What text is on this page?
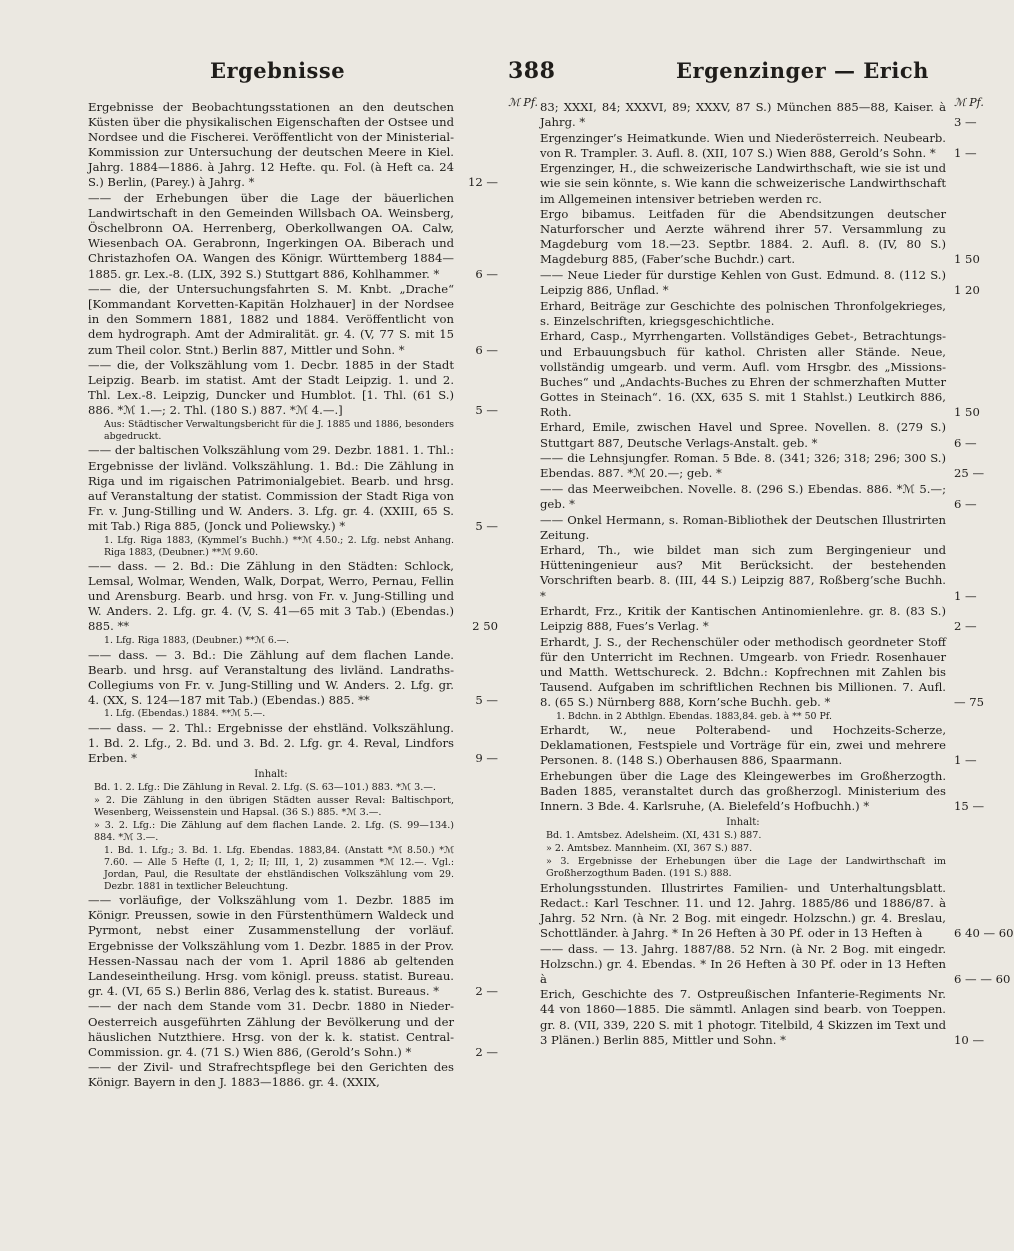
Ergebnisse	388	Ergenzinger — Erich
ℳ Pf.	ℳ Pf.
Ergebnisse der Beobachtungsstationen an den deutschen Küsten über die physikalischen Eigenschaften der Ostsee und Nordsee und die Fischerei. Veröffentlicht von der Ministerial-Kommission zur Untersuchung der deutschen Meere in Kiel. Jahrg. 1884—1886. à Jahrg. 12 Hefte. qu. Fol. (à Heft ca. 24 S.) Berlin, (Parey.) à Jahrg. *	12 —
—— der Erhebungen über die Lage der bäuerlichen Landwirtschaft in den Gemeinden Willsbach OA. Weinsberg, Öschelbronn OA. Herrenberg, Oberkollwangen OA. Calw, Wiesenbach OA. Gerabronn, Ingerkingen OA. Biberach und Christazhofen OA. Wangen des Königr. Württemberg 1884—1885. gr. Lex.-8. (LIX, 392 S.) Stuttgart 886, Kohlhammer. *	6 —
—— die, der Untersuchungsfahrten S. M. Knbt. „Drache“ [Kommandant Korvetten-Kapitän Holzhauer] in der Nordsee in den Sommern 1881, 1882 und 1884. Veröffentlicht von dem hydrograph. Amt der Admiralität. gr. 4. (V, 77 S. mit 15 zum Theil color. Stnt.) Berlin 887, Mittler und Sohn. *	6 —
—— die, der Volkszählung vom 1. Decbr. 1885 in der Stadt Leipzig. Bearb. im statist. Amt der Stadt Leipzig. 1. und 2. Thl. Lex.-8. Leipzig, Duncker und Humblot. [1. Thl. (61 S.) 886. *ℳ 1.—; 2. Thl. (180 S.) 887. *ℳ 4.—.]	5 —
Aus: Städtischer Verwaltungsbericht für die J. 1885 und 1886, besonders abgedruckt.
—— der baltischen Volkszählung vom 29. Dezbr. 1881. 1. Thl.: Ergebnisse der livländ. Volkszählung. 1. Bd.: Die Zählung in Riga und im rigaischen Patrimonialgebiet. Bearb. und hrsg. auf Veranstaltung der statist. Commission der Stadt Riga von Fr. v. Jung-Stilling und W. Anders. 3. Lfg. gr. 4. (XXIII, 65 S. mit Tab.) Riga 885, (Jonck und Poliewsky.) *	5 —
1. Lfg. Riga 1883, (Kymmel’s Buchh.) **ℳ 4.50.; 2. Lfg. nebst Anhang. Riga 1883, (Deubner.) **ℳ 9.60.
—— dass. — 2. Bd.: Die Zählung in den Städten: Schlock, Lemsal, Wolmar, Wenden, Walk, Dorpat, Werro, Pernau, Fellin und Arensburg. Bearb. und hrsg. von Fr. v. Jung-Stilling und W. Anders. 2. Lfg. gr. 4. (V, S. 41—65 mit 3 Tab.) (Ebendas.) 885. **	2 50
1. Lfg. Riga 1883, (Deubner.) **ℳ 6.—.
—— dass. — 3. Bd.: Die Zählung auf dem flachen Lande. Bearb. und hrsg. auf Veranstaltung des livländ. Landraths-Collegiums von Fr. v. Jung-Stilling und W. Anders. 2. Lfg. gr. 4. (XX, S. 124—187 mit Tab.) (Ebendas.) 885. **	5 —
1. Lfg. (Ebendas.) 1884. **ℳ 5.—.
—— dass. — 2. Thl.: Ergebnisse der ehstländ. Volkszählung. 1. Bd. 2. Lfg., 2. Bd. und 3. Bd. 2. Lfg. gr. 4. Reval, Lindfors Erben. *	9 —
Inhalt:
Bd. 1. 2. Lfg.: Die Zählung in Reval. 2. Lfg. (S. 63—101.) 883. *ℳ 3.—.
» 2. Die Zählung in den übrigen Städten ausser Reval: Baltischport, Wesenberg, Weissenstein und Hapsal. (36 S.) 885. *ℳ 3.—.
» 3. 2. Lfg.: Die Zählung auf dem flachen Lande. 2. Lfg. (S. 99—134.) 884. *ℳ 3.—.
1. Bd. 1. Lfg.; 3. Bd. 1. Lfg. Ebendas. 1883,84. (Anstatt *ℳ 8.50.) *ℳ 7.60. — Alle 5 Hefte (I, 1, 2; II; III, 1, 2) zusammen *ℳ 12.—. Vgl.: Jordan, Paul, die Resultate der ehstländischen Volkszählung vom 29. Dezbr. 1881 in textlicher Beleuchtung.
—— vorläufige, der Volkszählung vom 1. Dezbr. 1885 im Königr. Preussen, sowie in den Fürstenthümern Waldeck und Pyrmont, nebst einer Zusammenstellung der vorläuf. Ergebnisse der Volkszählung vom 1. Dezbr. 1885 in der Prov. Hessen-Nassau nach der vom 1. April 1886 ab geltenden Landeseintheilung. Hrsg. vom königl. preuss. statist. Bureau. gr. 4. (VI, 65 S.) Berlin 886, Verlag des k. statist. Bureaus. *	2 —
—— der nach dem Stande vom 31. Decbr. 1880 in Nieder-Oesterreich ausgeführten Zählung der Bevölkerung und der häuslichen Nutzthiere. Hrsg. von der k. k. statist. Central-Commission. gr. 4. (71 S.) Wien 886, (Gerold’s Sohn.) *	2 —
—— der Zivil- und Strafrechtspflege bei den Gerichten des Königr. Bayern in den J. 1883—1886. gr. 4. (XXIX,
83; XXXI, 84; XXXVI, 89; XXXV, 87 S.) München 885—88, Kaiser. à Jahrg. *	3 —
Ergenzinger’s Heimatkunde. Wien und Niederösterreich. Neubearb. von R. Trampler. 3. Aufl. 8. (XII, 107 S.) Wien 888, Gerold’s Sohn. * 1 —
Ergenzinger, H., die schweizerische Landwirthschaft, wie sie ist und wie sie sein könnte, s. Wie kann die schweizerische Landwirthschaft im Allgemeinen intensiver betrieben werden rc.
Ergo bibamus. Leitfaden für die Abendsitzungen deutscher Naturforscher und Aerzte während ihrer 57. Versammlung zu Magdeburg vom 18.—23. Septbr. 1884. 2. Aufl. 8. (IV, 80 S.) Magdeburg 885, (Faber’sche Buchdr.) cart.	1 50
—— Neue Lieder für durstige Kehlen von Gust. Edmund. 8. (112 S.) Leipzig 886, Unflad. *	1 20
Erhard, Beiträge zur Geschichte des polnischen Thronfolgekrieges, s. Einzelschriften, kriegsgeschichtliche.
Erhard, Casp., Myrrhengarten. Vollständiges Gebet-, Betrachtungs- und Erbauungsbuch für kathol. Christen aller Stände. Neue, vollständig umgearb. und verm. Aufl. vom Hrsgbr. des „Missions-Buches“ und „Andachts-Buches zu Ehren der schmerzhaften Mutter Gottes in Steinach“. 16. (XX, 635 S. mit 1 Stahlst.) Leutkirch 886, Roth.	1 50
Erhard, Emile, zwischen Havel und Spree. Novellen. 8. (279 S.) Stuttgart 887, Deutsche Verlags-Anstalt. geb. *	6 —
—— die Lehnsjungfer. Roman. 5 Bde. 8. (341; 326; 318; 296; 300 S.) Ebendas. 887. *ℳ 20.—; geb. *	25 —
—— das Meerweibchen. Novelle. 8. (296 S.) Ebendas. 886. *ℳ 5.—; geb. *	6 —
—— Onkel Hermann, s. Roman-Bibliothek der Deutschen Illustrirten Zeitung.
Erhard, Th., wie bildet man sich zum Bergingenieur und Hütteningenieur aus? Mit Berücksicht. der bestehenden Vorschriften bearb. 8. (III, 44 S.) Leipzig 887, Roßberg’sche Buchh. *	1 —
Erhardt, Frz., Kritik der Kantischen Antinomienlehre. gr. 8. (83 S.) Leipzig 888, Fues’s Verlag. *	2 —
Erhardt, J. S., der Rechenschüler oder methodisch geordneter Stoff für den Unterricht im Rechnen. Umgearb. von Friedr. Rosenhauer und Matth. Wettschureck. 2. Bdchn.: Kopfrechnen mit Zahlen bis Tausend. Aufgaben im schriftlichen Rechnen bis Millionen. 7. Aufl. 8. (65 S.) Nürnberg 888, Korn’sche Buchh. geb. *	— 75
1. Bdchn. in 2 Abthlgn. Ebendas. 1883,84. geb. à ** 50 Pf.
Erhardt, W., neue Polterabend- und Hochzeits-Scherze, Deklamationen, Festspiele und Vorträge für ein, zwei und mehrere Personen. 8. (148 S.) Oberhausen 886, Spaarmann.	1 —
Erhebungen über die Lage des Kleingewerbes im Großherzogth. Baden 1885, veranstaltet durch das großherzogl. Ministerium des Innern. 3 Bde. 4. Karlsruhe, (A. Bielefeld’s Hofbuchh.) *	15 —
Inhalt:
Bd. 1. Amtsbez. Adelsheim. (XI, 431 S.) 887.
» 2. Amtsbez. Mannheim. (XI, 367 S.) 887.
» 3. Ergebnisse der Erhebungen über die Lage der Landwirthschaft im Großherzogthum Baden. (191 S.) 888.
Erholungsstunden. Illustrirtes Familien- und Unterhaltungsblatt. Redact.: Karl Teschner. 11. und 12. Jahrg. 1885/86 und 1886/87. à Jahrg. 52 Nrn. (à Nr. 2 Bog. mit eingedr. Holzschn.) gr. 4. Breslau, Schottländer. à Jahrg. * In 26 Heften à 30 Pf. oder in 13 Heften à	6 40 — 60
—— dass. — 13. Jahrg. 1887/88. 52 Nrn. (à Nr. 2 Bog. mit eingedr. Holzschn.) gr. 4. Ebendas. * In 26 Heften à 30 Pf. oder in 13 Heften à	6 — — 60
Erich, Geschichte des 7. Ostpreußischen Infanterie-Regiments Nr. 44 von 1860—1885. Die sämmtl. Anlagen sind bearb. von Toeppen. gr. 8. (VII, 339, 220 S. mit 1 photogr. Titelbild, 4 Skizzen im Text und 3 Plänen.) Berlin 885, Mittler und Sohn. *	10 —
